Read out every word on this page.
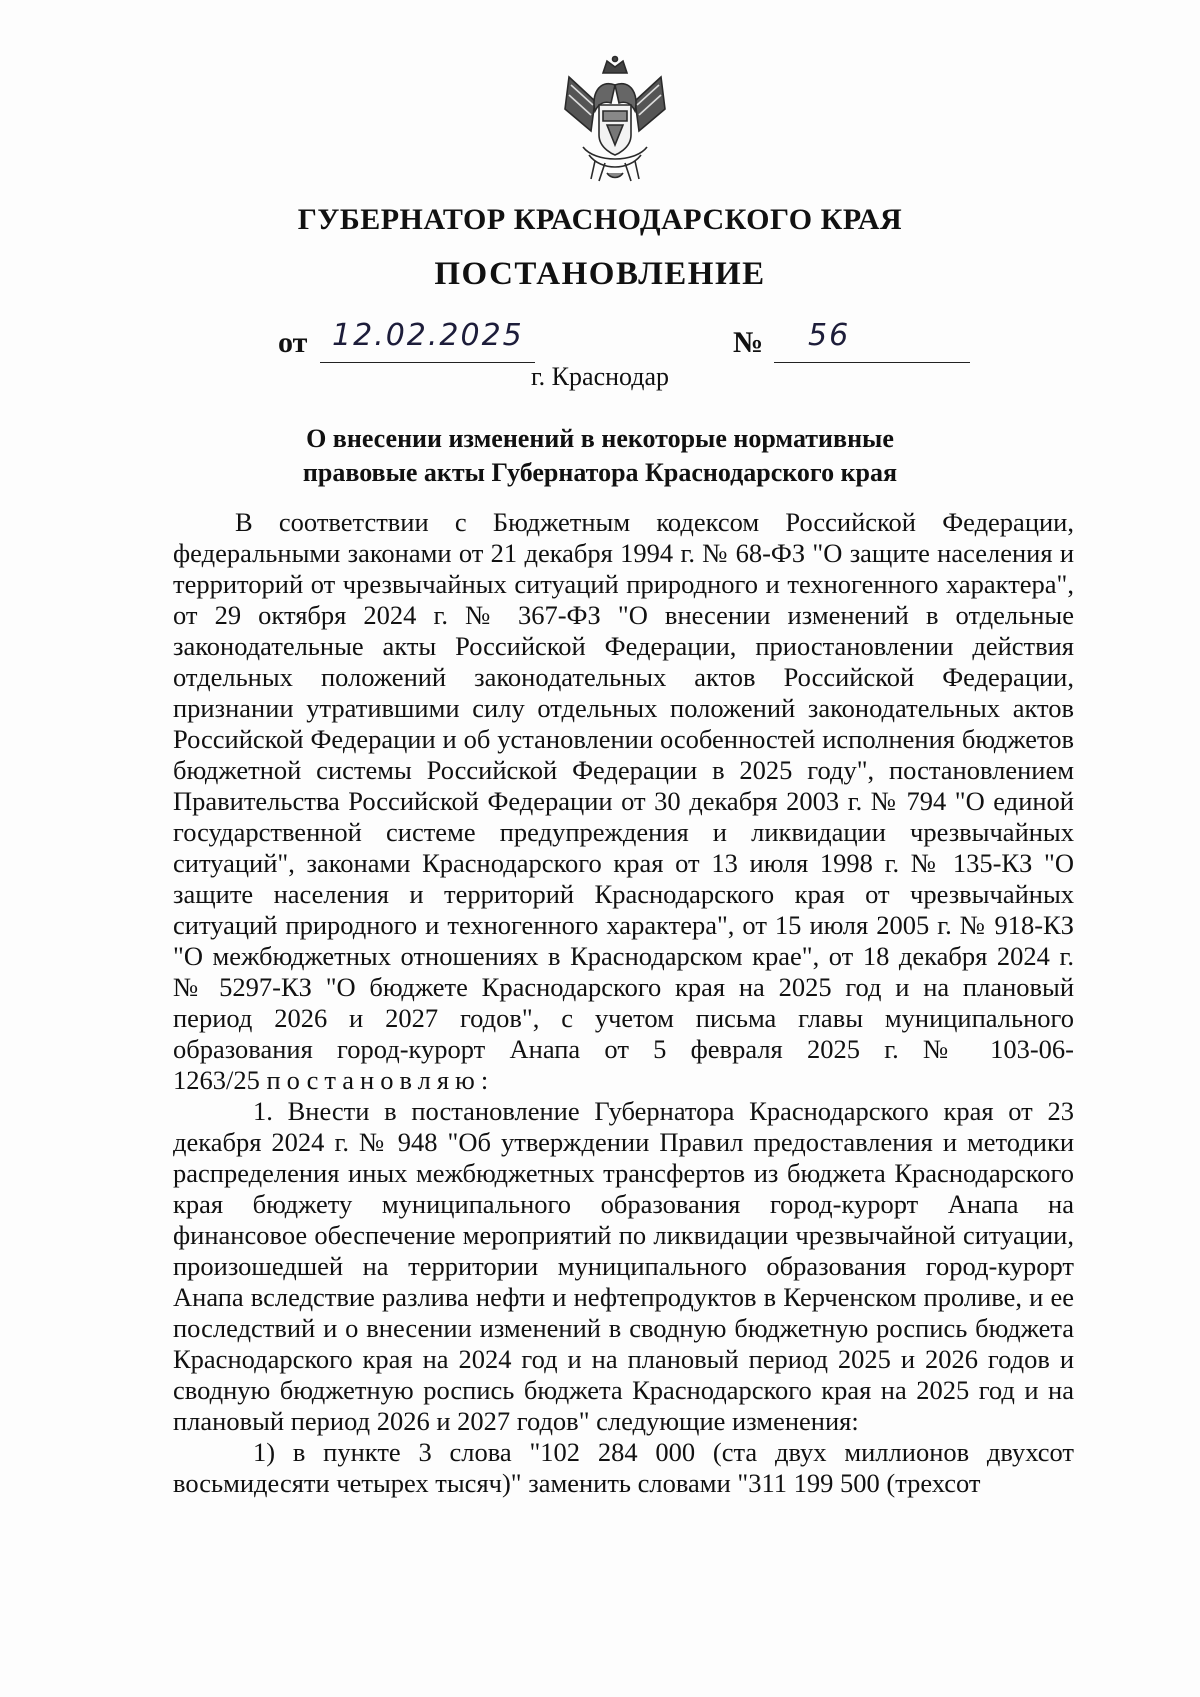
ГУБЕРНАТОР КРАСНОДАРСКОГО КРАЯ
ПОСТАНОВЛЕНИЕ
от 12.02.2025	№ 56
г. Краснодар
О внесении изменений в некоторые нормативные
правовые акты Губернатора Краснодарского края

В соответствии с Бюджетным кодексом Российской Федерации, федеральными законами от 21 декабря 1994 г. № 68-ФЗ "О защите населения и территорий от чрезвычайных ситуаций природного и техногенного характера", от 29 октября 2024 г. № 367-ФЗ "О внесении изменений в отдельные законодательные акты Российской Федерации, приостановлении действия отдельных положений законодательных актов Российской Федерации, признании утратившими силу отдельных положений законодательных актов Российской Федерации и об установлении особенностей исполнения бюджетов бюджетной системы Российской Федерации в 2025 году", постановлением Правительства Российской Федерации от 30 декабря 2003 г. № 794 "О единой государственной системе предупреждения и ликвидации чрезвычайных ситуаций", законами Краснодарского края от 13 июля 1998 г. № 135-КЗ "О защите населения и территорий Краснодарского края от чрезвычайных ситуаций природного и техногенного характера", от 15 июля 2005 г. № 918-КЗ "О межбюджетных отношениях в Краснодарском крае", от 18 декабря 2024 г. № 5297-КЗ "О бюджете Краснодарского края на 2025 год и на плановый период 2026 и 2027 годов", с учетом письма главы муниципального образования город-курорт Анапа от 5 февраля 2025 г. № 103-06-1263/25 постановляю:

1. Внести в постановление Губернатора Краснодарского края от 23 декабря 2024 г. № 948 "Об утверждении Правил предоставления и методики распределения иных межбюджетных трансфертов из бюджета Краснодарского края бюджету муниципального образования город-курорт Анапа на финансовое обеспечение мероприятий по ликвидации чрезвычайной ситуации, произошедшей на территории муниципального образования город-курорт Анапа вследствие разлива нефти и нефтепродуктов в Керченском проливе, и ее последствий и о внесении изменений в сводную бюджетную роспись бюджета Краснодарского края на 2024 год и на плановый период 2025 и 2026 годов и сводную бюджетную роспись бюджета Краснодарского края на 2025 год и на плановый период 2026 и 2027 годов" следующие изменения:

1) в пункте 3 слова "102 284 000 (ста двух миллионов двухсот восьмидесяти четырех тысяч)" заменить словами "311 199 500 (трехсот
